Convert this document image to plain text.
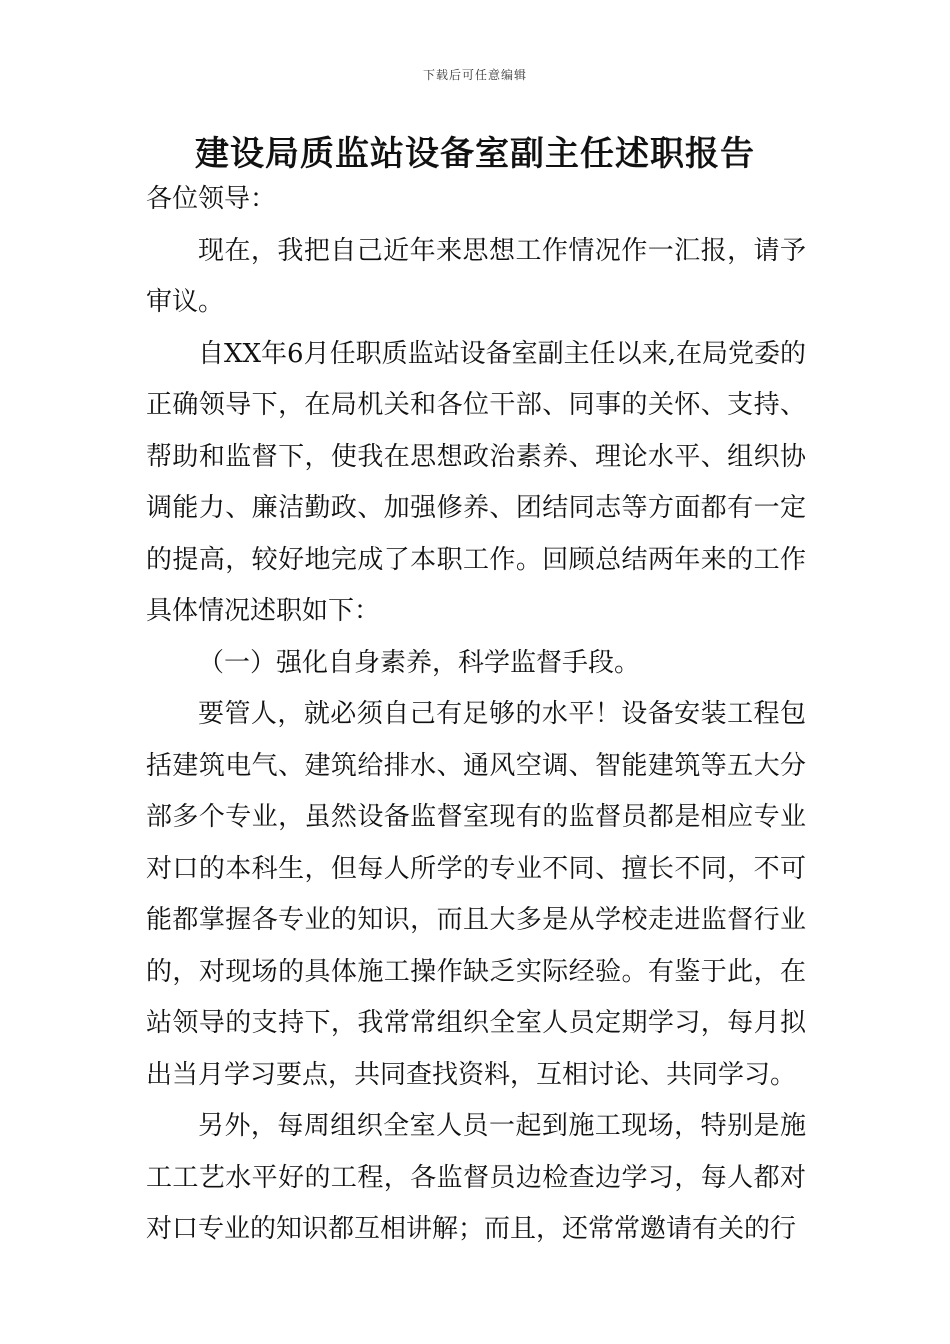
下载后可任意编辑
建设局质监站设备室副主任述职报告

各位领导：

现在，我把自己近年来思想工作情况作一汇报，请予审议。

自XX年6月任职质监站设备室副主任以来,在局党委的正确领导下，在局机关和各位干部、同事的关怀、支持、帮助和监督下，使我在思想政治素养、理论水平、组织协调能力、廉洁勤政、加强修养、团结同志等方面都有一定的提高，较好地完成了本职工作。回顾总结两年来的工作具体情况述职如下：

（一）强化自身素养，科学监督手段。

要管人，就必须自己有足够的水平！设备安装工程包括建筑电气、建筑给排水、通风空调、智能建筑等五大分部多个专业，虽然设备监督室现有的监督员都是相应专业对口的本科生，但每人所学的专业不同、擅长不同，不可能都掌握各专业的知识，而且大多是从学校走进监督行业的，对现场的具体施工操作缺乏实际经验。有鉴于此，在站领导的支持下，我常常组织全室人员定期学习，每月拟出当月学习要点，共同查找资料，互相讨论、共同学习。

另外，每周组织全室人员一起到施工现场，特别是施工工艺水平好的工程，各监督员边检查边学习，每人都对对口专业的知识都互相讲解；而且，还常常邀请有关的行
